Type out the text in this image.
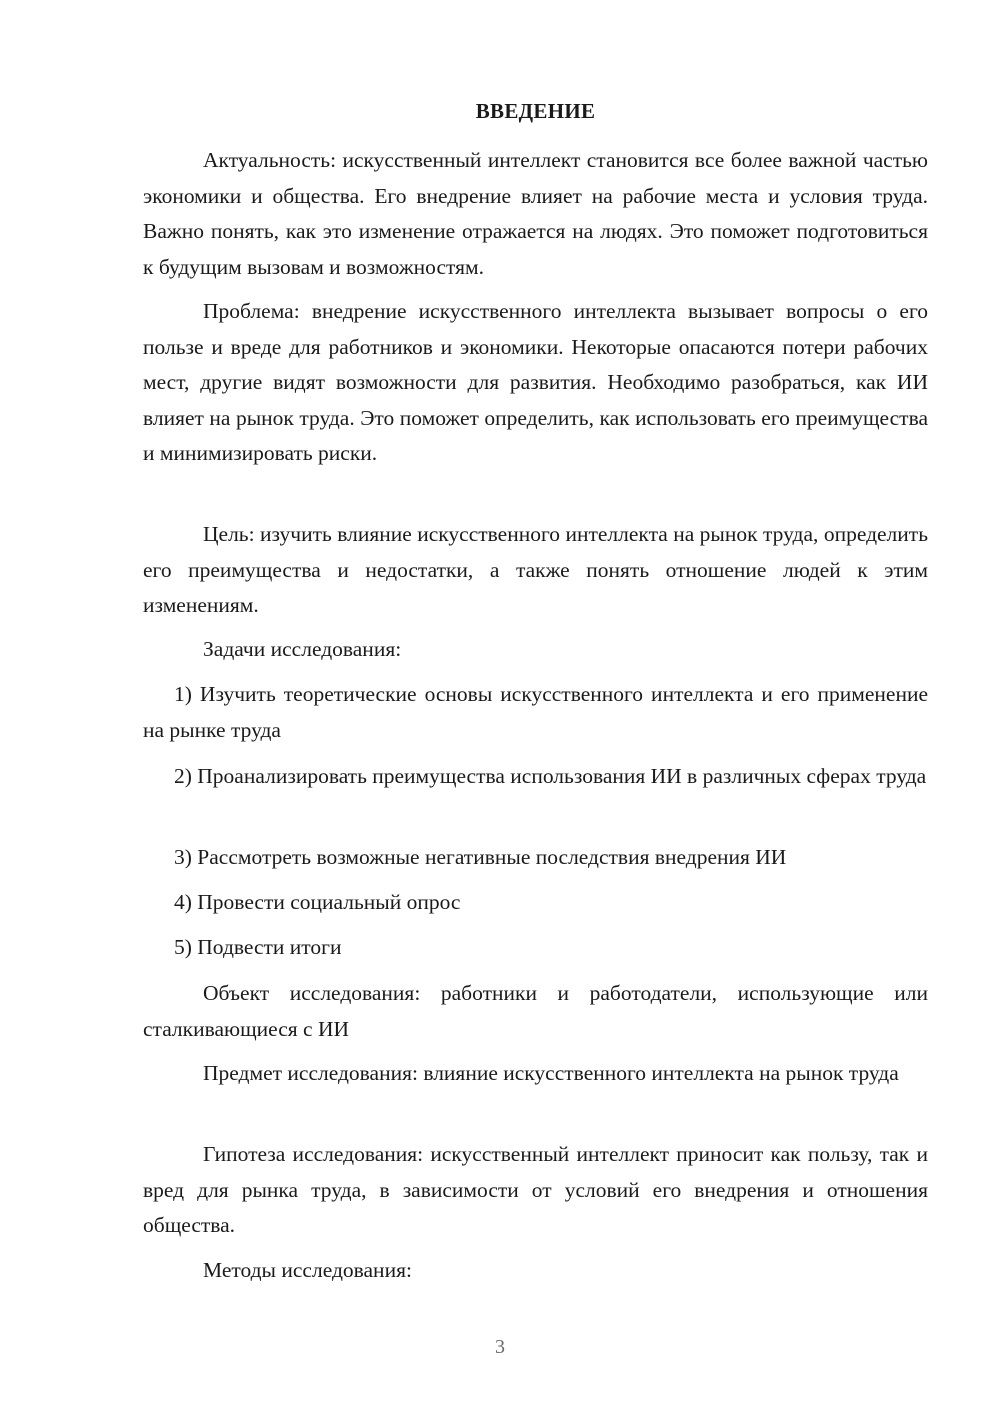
ВВЕДЕНИЕ

Актуальность: искусственный интеллект становится все более важной частью экономики и общества. Его внедрение влияет на рабочие места и условия труда. Важно понять, как это изменение отражается на людях. Это поможет подготовиться к будущим вызовам и возможностям.

Проблема: внедрение искусственного интеллекта вызывает вопросы о его пользе и вреде для работников и экономики. Некоторые опасаются потери рабочих мест, другие видят возможности для развития. Необходимо разобраться, как ИИ влияет на рынок труда. Это поможет определить, как использовать его преимущества и минимизировать риски.

Цель: изучить влияние искусственного интеллекта на рынок труда, определить его преимущества и недостатки, а также понять отношение людей к этим изменениям.

Задачи исследования:

1) Изучить теоретические основы искусственного интеллекта и его применение на рынке труда

2) Проанализировать преимущества использования ИИ в различных сферах труда

3) Рассмотреть возможные негативные последствия внедрения ИИ

4) Провести социальный опрос

5) Подвести итоги

Объект исследования: работники и работодатели, использующие или сталкивающиеся с ИИ

Предмет исследования: влияние искусственного интеллекта на рынок труда

Гипотеза исследования: искусственный интеллект приносит как пользу, так и вред для рынка труда, в зависимости от условий его внедрения и отношения общества.

Методы исследования:

3
